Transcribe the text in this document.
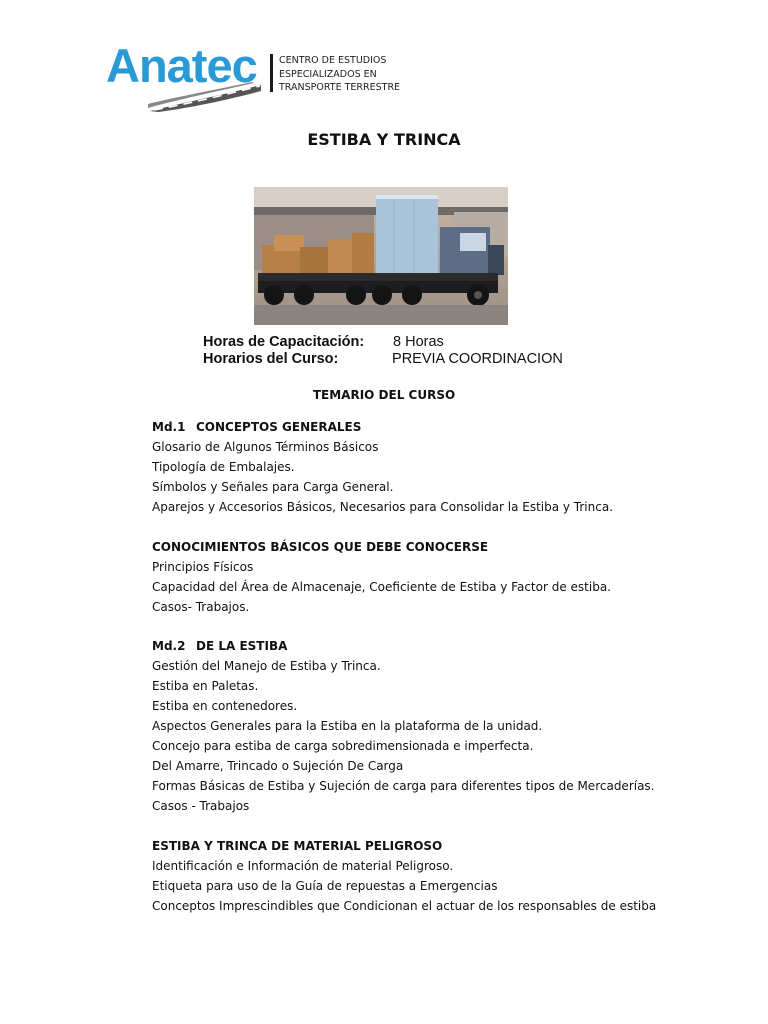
Anatec CENTRO DE ESTUDIOS
ESPECIALIZADOS EN
TRANSPORTE TERRESTRE
ESTIBA Y TRINCA
Horas de Capacitación: 8 Horas
Horarios del Curso:	PREVIA COORDINACION
TEMARIO DEL CURSO

Md.1 CONCEPTOS GENERALES

Glosario de Algunos Términos Básicos

Tipología de Embalajes.

Símbolos y Señales para Carga General.

Aparejos y Accesorios Básicos, Necesarios para Consolidar la Estiba y Trinca.

CONOCIMIENTOS BÁSICOS QUE DEBE CONOCERSE

Principios Físicos

Capacidad del Área de Almacenaje, Coeficiente de Estiba y Factor de estiba.

Casos- Trabajos.

Md.2 DE LA ESTIBA

Gestión del Manejo de Estiba y Trinca.

Estiba en Paletas.

Estiba en contenedores.

Aspectos Generales para la Estiba en la plataforma de la unidad.

Concejo para estiba de carga sobredimensionada e imperfecta.

Del Amarre, Trincado o Sujeción De Carga

Formas Básicas de Estiba y Sujeción de carga para diferentes tipos de Mercaderías.

Casos - Trabajos

ESTIBA Y TRINCA DE MATERIAL PELIGROSO

Identificación e Información de material Peligroso.

Etiqueta para uso de la Guía de repuestas a Emergencias

Conceptos Imprescindibles que Condicionan el actuar de los responsables de estiba
